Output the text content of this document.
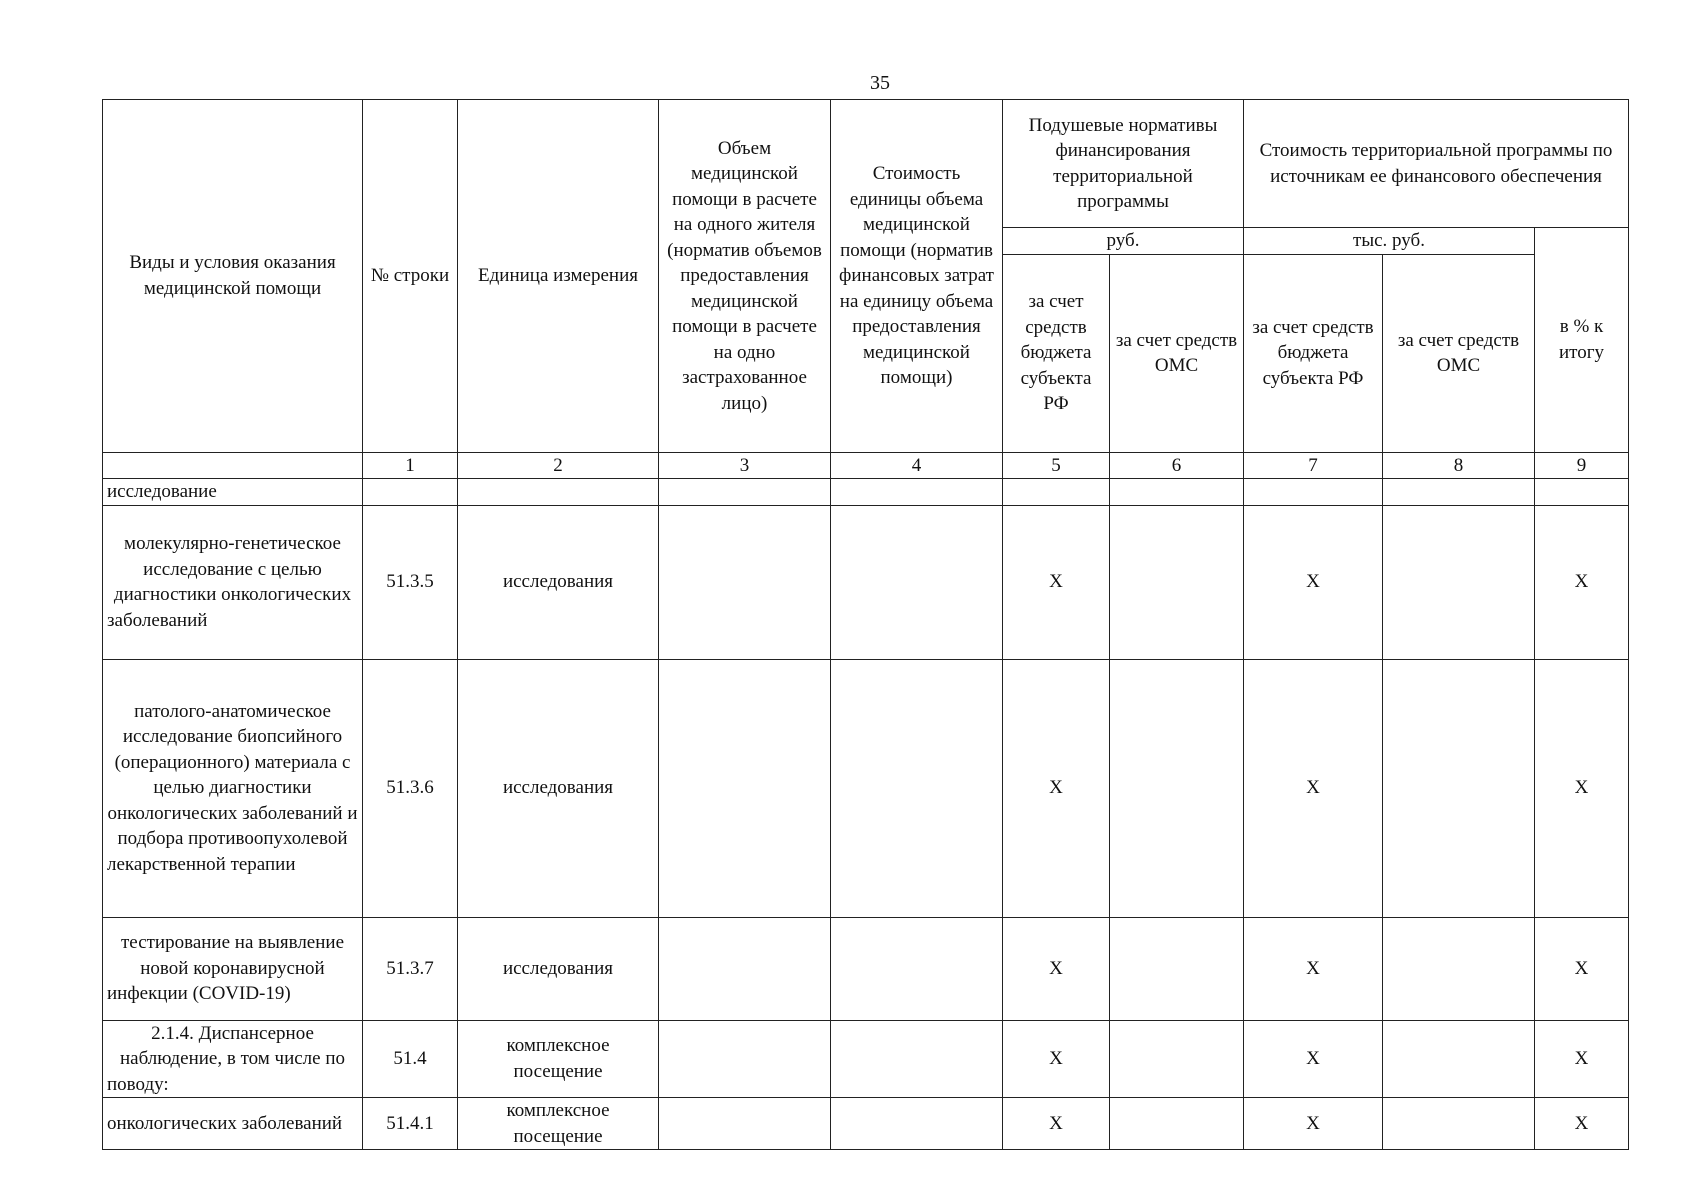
35
Виды и условия оказания медицинской помощи	№ строки	Единица измерения	Объем медицинской помощи в расчете на одного жителя (норматив объемов предоставления медицинской помощи в расчете на одно застрахованное лицо)	Стоимость единицы объема медицинской помощи (норматив финансовых затрат на единицу объема предоставления медицинской помощи)	Подушевые нормативы финансирования территориальной программы		Стоимость территориальной программы по источникам ее финансового обеспечения		
					руб.		тыс. руб.		в % к итогу
					за счет средств бюджета субъекта РФ	за счет средств ОМС	за счет средств бюджета субъекта РФ	за счет средств ОМС	
	1	2	3	4	5	6	7	8	9
исследование									
молекулярно-генетическое исследование с целью диагностики онкологических заболеваний	51.3.5	исследования			X		X		X
патолого-анатомическое исследование биопсийного (операционного) материала с целью диагностики онкологических заболеваний и подбора противоопухолевой лекарственной терапии	51.3.6	исследования			X		X		X
тестирование на выявление новой коронавирусной инфекции (COVID-19)	51.3.7	исследования			X		X		X
2.1.4. Диспансерное наблюдение, в том числе по поводу:	51.4	комплексное посещение			X		X		X
онкологических заболеваний	51.4.1	комплексное посещение			X		X		X
